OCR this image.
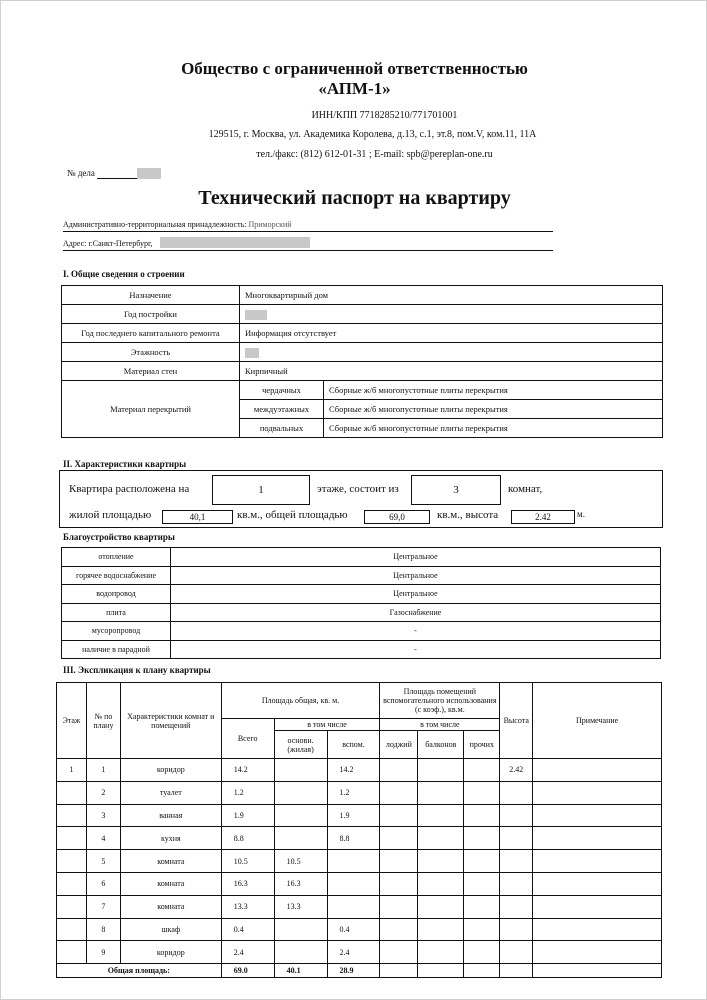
Общество с ограниченной ответственностью
«АПМ-1»
ИНН/КПП 7718285210/771701001
129515, г. Москва, ул. Академика Королева, д.13, с.1, эт.8, пом.V, ком.11, 11А
тел./факс: (812) 612-01-31 ; E-mail: spb@pereplan-one.ru
№ дела
Технический паспорт на квартиру
Административно-территориальная принадлежность: Приморский
Адрес: г.Санкт-Петербург,
I. Общие сведения о строении
Назначение	Многоквартирный дом	
Год постройки		
Год последнего капитального ремонта	Информация отсутствует	
Этажность		
Материал стен	Кирпичный	
Материал перекрытий	чердачных	Сборные ж/б многопустотные плиты перекрытия
	междуэтажных	Сборные ж/б многопустотные плиты перекрытия
	подвальных	Сборные ж/б многопустотные плиты перекрытия
II. Характеристики квартиры
Квартира расположена на	1	этаже, состоит из	3	комнат,
жилой площадью	40,1	кв.м., общей площадью	69,0	кв.м., высота	2.42	м.
Благоустройство квартиры
отопление	Центральное
горячее водоснабжение	Центральное
водопровод	Центральное
плита	Газоснабжение
мусоропровод	-
наличие в парадной	-
III. Экспликация к плану квартиры
Этаж	№ по плану	Характеристики комнат и помещений	Площадь общая, кв. м.			Площадь помещений вспомогательного использования (с коэф.), кв.м.			Высота	Примечание
			Всего	в том числе		в том числе				
				основн. (жилая)	вспом.	лоджий	балконов	прочих		
1	1	коридор	14.2		14.2				2.42	
	2	туалет	1.2		1.2					
	3	ванная	1.9		1.9					
	4	кухня	8.8		8.8					
	5	комната	10.5	10.5						
	6	комната	16.3	16.3						
	7	комната	13.3	13.3						
	8	шкаф	0.4		0.4					
	9	коридор	2.4		2.4					
Общая площадь:			69.0	40.1	28.9					
